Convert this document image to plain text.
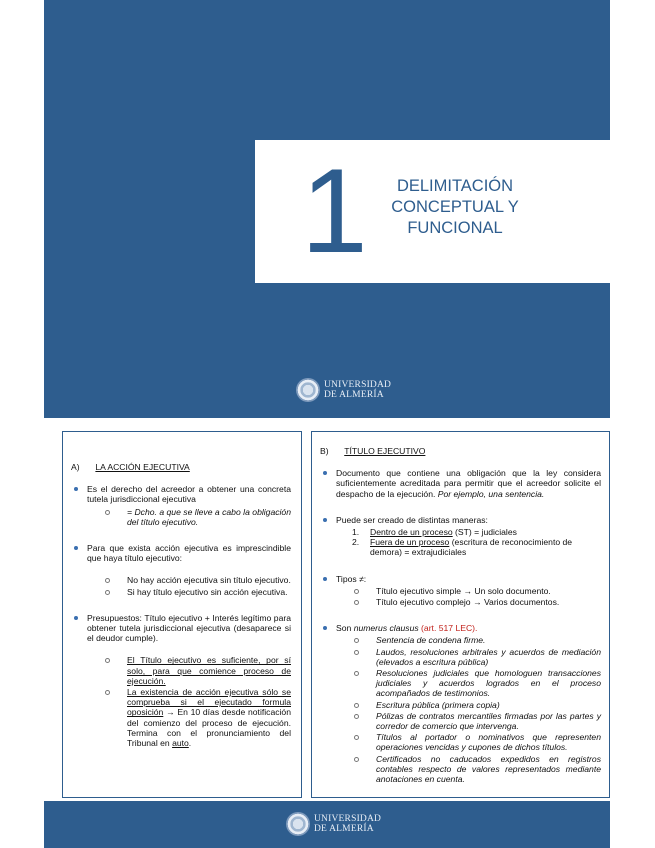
1	DELIMITACIÓN
CONCEPTUAL Y
FUNCIONAL
UNIVERSIDAD
DE ALMERÍA
A) LA ACCIÓN EJECUTIVA
Es el derecho del acreedor a obtener una concreta tutela jurisdiccional ejecutiva
= Dcho. a que se lleve a cabo la obligación del título ejecutivo.
Para que exista acción ejecutiva es imprescindible que haya título ejecutivo:
No hay acción ejecutiva sin título ejecutivo.
Si hay título ejecutivo sin acción ejecutiva.
Presupuestos: Título ejecutivo + Interés legítimo para obtener tutela jurisdiccional ejecutiva (desaparece si el deudor cumple).
El Título ejecutivo es suficiente, por sí solo, para que comience proceso de ejecución.
La existencia de acción ejecutiva sólo se comprueba si el ejecutado formula oposición → En 10 días desde notificación del comienzo del proceso de ejecución. Termina con el pronunciamiento del Tribunal en auto.
B) TÍTULO EJECUTIVO
Documento que contiene una obligación que la ley considera suficientemente acreditada para permitir que el acreedor solicite el despacho de la ejecución. Por ejemplo, una sentencia.
Puede ser creado de distintas maneras:
1. Dentro de un proceso (ST) = judiciales
2. Fuera de un proceso (escritura de reconocimiento de demora) = extrajudiciales
Tipos ≠:
Título ejecutivo simple → Un solo documento.
Título ejecutivo complejo → Varios documentos.
Son numerus clausus (art. 517 LEC).
Sentencia de condena firme.
Laudos, resoluciones arbitrales y acuerdos de mediación (elevados a escritura pública)
Resoluciones judiciales que homologuen transacciones judiciales y acuerdos logrados en el proceso acompañados de testimonios.
Escritura pública (primera copia)
Pólizas de contratos mercantiles firmadas por las partes y corredor de comercio que intervenga.
Títulos al portador o nominativos que representen operaciones vencidas y cupones de dichos títulos.
Certificados no caducados expedidos en registros contables respecto de valores representados mediante anotaciones en cuenta.
UNIVERSIDAD
DE ALMERÍA
